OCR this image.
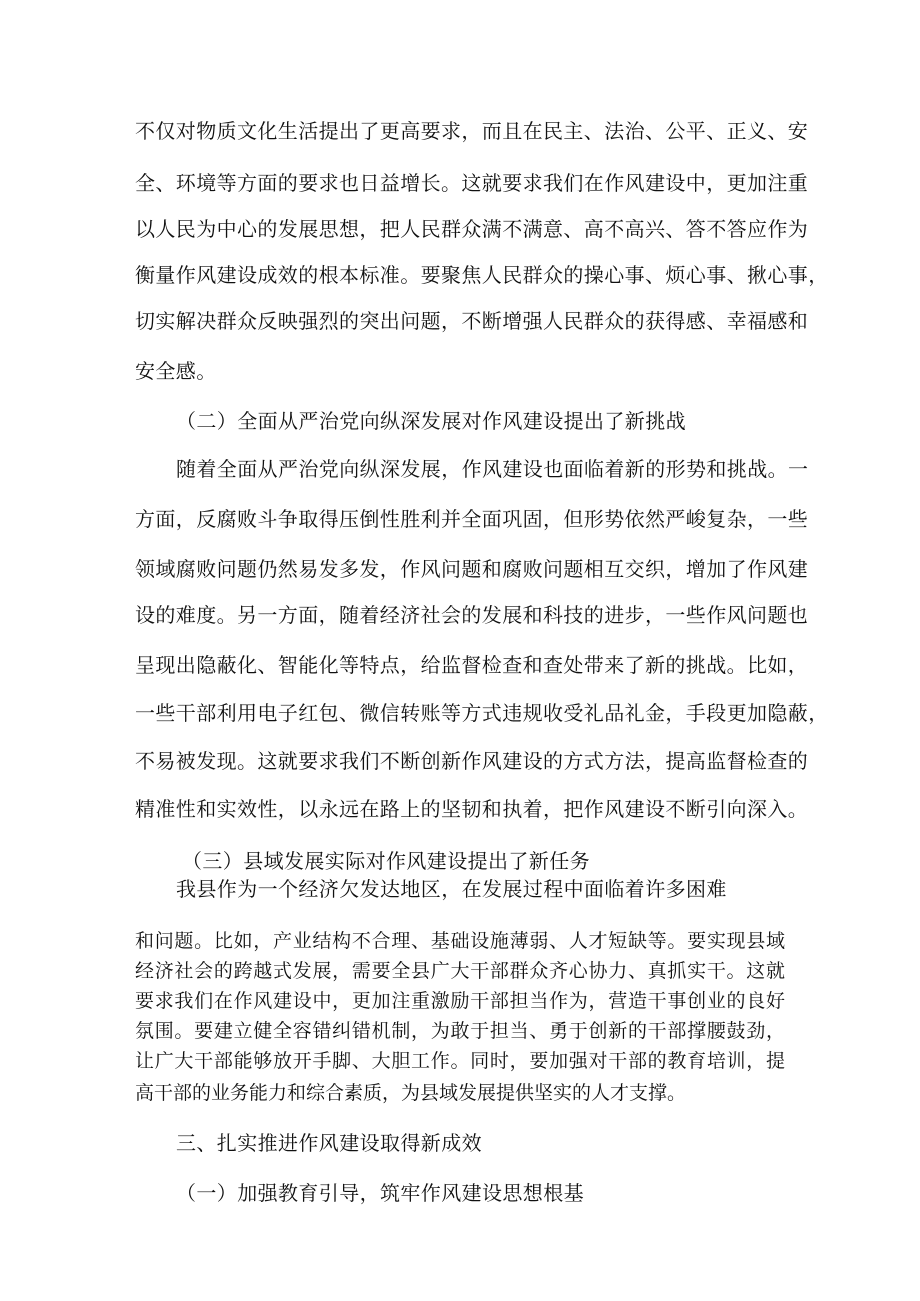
不仅对物质文化生活提出了更高要求，而且在民主、法治、公平、正义、安
全、环境等方面的要求也日益增长。这就要求我们在作风建设中，更加注重
以人民为中心的发展思想，把人民群众满不满意、高不高兴、答不答应作为
衡量作风建设成效的根本标准。要聚焦人民群众的操心事、烦心事、揪心事，
切实解决群众反映强烈的突出问题，不断增强人民群众的获得感、幸福感和
安全感。
（二）全面从严治党向纵深发展对作风建设提出了新挑战
随着全面从严治党向纵深发展，作风建设也面临着新的形势和挑战。一
方面，反腐败斗争取得压倒性胜利并全面巩固，但形势依然严峻复杂，一些
领域腐败问题仍然易发多发，作风问题和腐败问题相互交织，增加了作风建
设的难度。另一方面，随着经济社会的发展和科技的进步，一些作风问题也
呈现出隐蔽化、智能化等特点，给监督检查和查处带来了新的挑战。比如，
一些干部利用电子红包、微信转账等方式违规收受礼品礼金，手段更加隐蔽，
不易被发现。这就要求我们不断创新作风建设的方式方法，提高监督检查的
精准性和实效性，以永远在路上的坚韧和执着，把作风建设不断引向深入。
（三）县域发展实际对作风建设提出了新任务
我县作为一个经济欠发达地区，在发展过程中面临着许多困难
和问题。比如，产业结构不合理、基础设施薄弱、人才短缺等。要实现县域
经济社会的跨越式发展，需要全县广大干部群众齐心协力、真抓实干。这就
要求我们在作风建设中，更加注重激励干部担当作为，营造干事创业的良好
氛围。要建立健全容错纠错机制，为敢于担当、勇于创新的干部撑腰鼓劲，
让广大干部能够放开手脚、大胆工作。同时，要加强对干部的教育培训，提
高干部的业务能力和综合素质，为县域发展提供坚实的人才支撑。
三、扎实推进作风建设取得新成效
（一）加强教育引导，筑牢作风建设思想根基
